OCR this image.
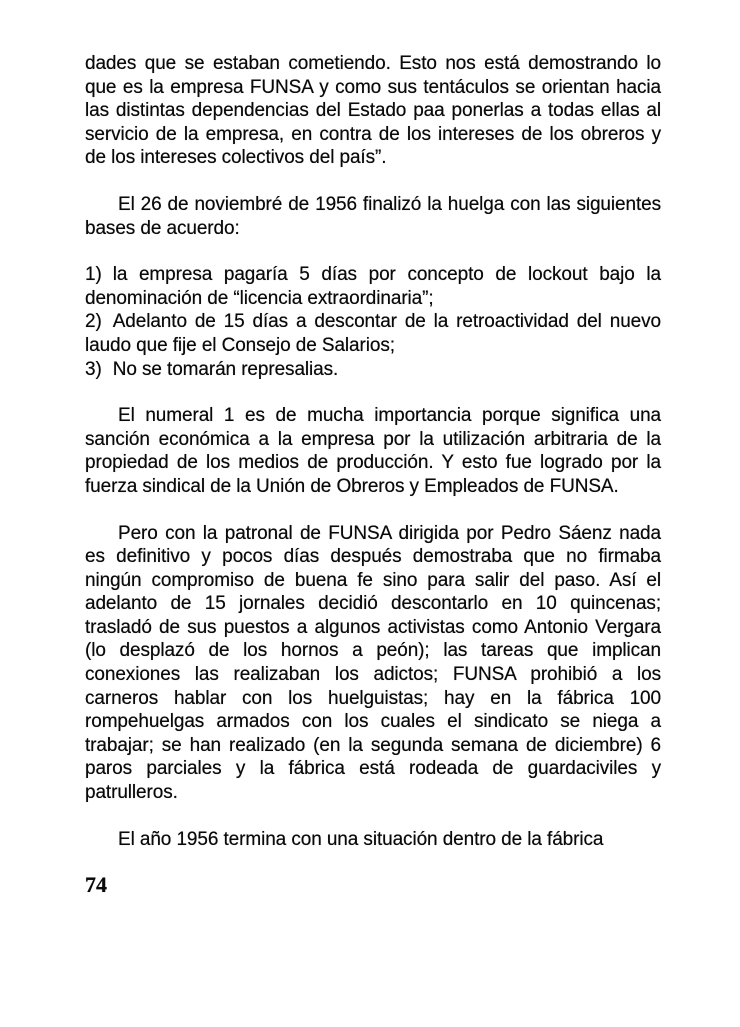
dades que se estaban cometiendo. Esto nos está demostrando lo que es la empresa FUNSA y como sus tentáculos se orientan hacia las distintas dependencias del Estado paa ponerlas a todas ellas al servicio de la empresa, en contra de los intereses de los obreros y de los intereses colectivos del país”.

El 26 de noviembré de 1956 finalizó la huelga con las siguientes bases de acuerdo:

1) la empresa pagaría 5 días por concepto de lockout bajo la denominación de “licencia extraordinaria”;

2) Adelanto de 15 días a descontar de la retroactividad del nuevo laudo que fije el Consejo de Salarios;

3) No se tomarán represalias.

El numeral 1 es de mucha importancia porque significa una sanción económica a la empresa por la utilización arbitraria de la propiedad de los medios de producción. Y esto fue logrado por la fuerza sindical de la Unión de Obreros y Empleados de FUNSA.

Pero con la patronal de FUNSA dirigida por Pedro Sáenz nada es definitivo y pocos días después demostraba que no firmaba ningún compromiso de buena fe sino para salir del paso. Así el adelanto de 15 jornales decidió descontarlo en 10 quincenas; trasladó de sus puestos a algunos activistas como Antonio Vergara (lo desplazó de los hornos a peón); las tareas que implican conexiones las realizaban los adictos; FUNSA prohibió a los carneros hablar con los huelguistas; hay en la fábrica 100 rompehuelgas armados con los cuales el sindicato se niega a trabajar; se han realizado (en la segunda semana de diciembre) 6 paros parciales y la fábrica está rodeada de guardaciviles y patrulleros.

El año 1956 termina con una situación dentro de la fábrica

74
